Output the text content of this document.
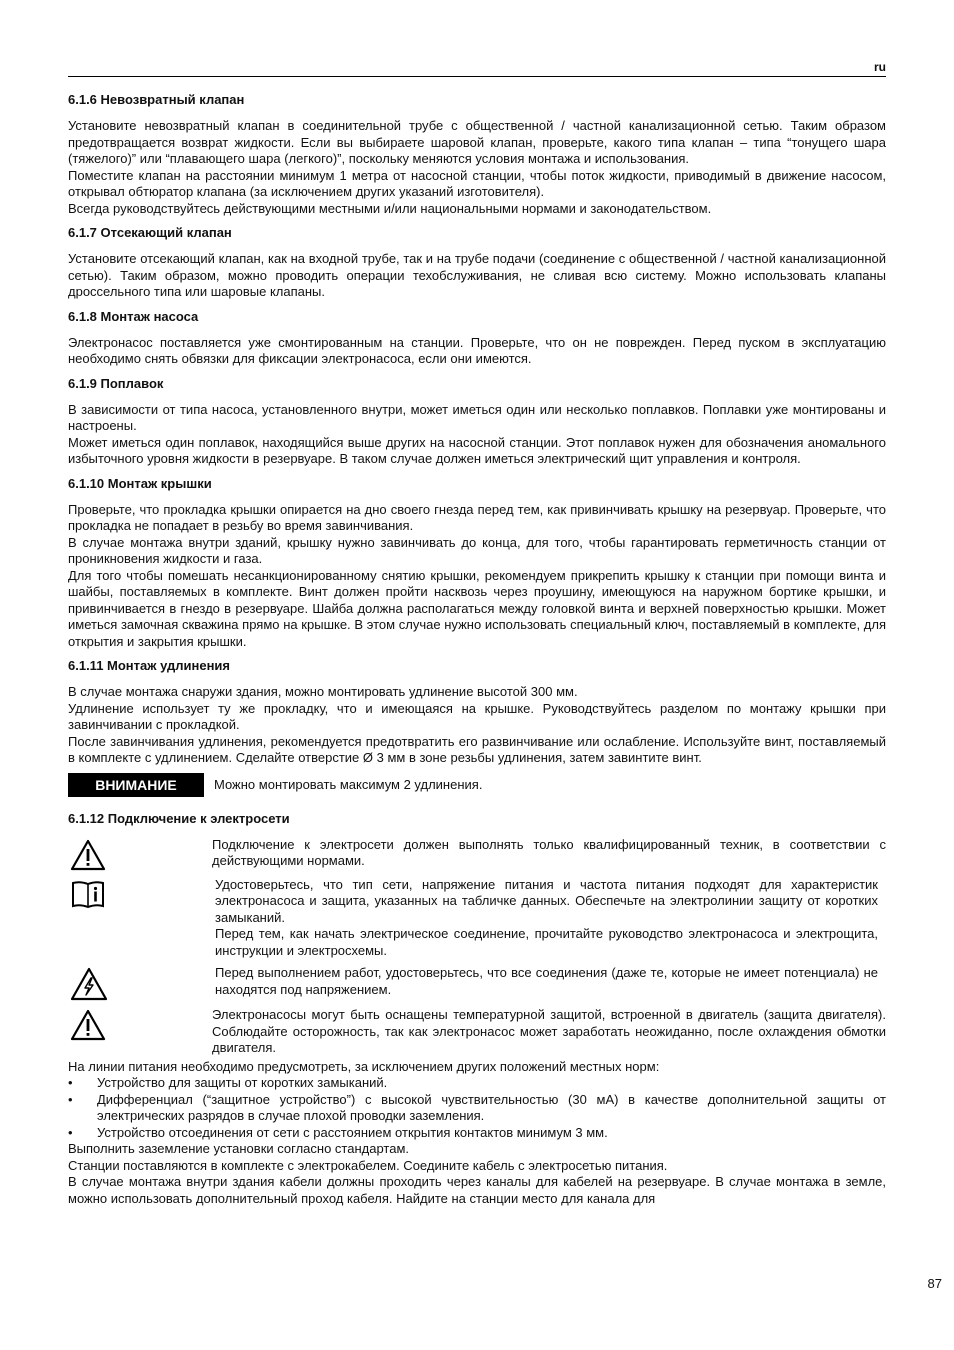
ru
6.1.6 Невозвратный клапан

Установите невозвратный клапан в соединительной трубе с общественной / частной канализационной сетью. Таким образом предотвращается возврат жидкости. Если вы выбираете шаровой клапан, проверьте, какого типа клапан – типа “тонущего шара (тяжелого)” или “плавающего шара (легкого)”, поскольку меняются условия монтажа и использования.

Поместите клапан на расстоянии минимум 1 метра от насосной станции, чтобы поток жидкости, приводимый в движение насосом, открывал обтюратор клапана (за исключением других указаний изготовителя).

Всегда руководствуйтесь действующими местными и/или национальными нормами и законодательством.

6.1.7 Отсекающий клапан

Установите отсекающий клапан, как на входной трубе, так и на трубе подачи (соединение с общественной / частной канализационной сетью). Таким образом, можно проводить операции техобслуживания, не сливая всю систему. Можно использовать клапаны дроссельного типа или шаровые клапаны.

6.1.8 Монтаж насоса

Электронасос поставляется уже смонтированным на станции. Проверьте, что он не поврежден. Перед пуском в эксплуатацию необходимо снять обвязки для фиксации электронасоса, если они имеются.

6.1.9 Поплавок

В зависимости от типа насоса, установленного внутри, может иметься один или несколько поплавков. Поплавки уже монтированы и настроены.

Может иметься один поплавок, находящийся выше других на насосной станции. Этот поплавок нужен для обозначения аномального избыточного уровня жидкости в резервуаре. В таком случае должен иметься электрический щит управления и контроля.

6.1.10 Монтаж крышки

Проверьте, что прокладка крышки опирается на дно своего гнезда перед тем, как привинчивать крышку на резервуар. Проверьте, что прокладка не попадает в резьбу во время завинчивания.

В случае монтажа внутри зданий, крышку нужно завинчивать до конца, для того, чтобы гарантировать герметичность станции от проникновения жидкости и газа.

Для того чтобы помешать несанкционированному снятию крышки, рекомендуем прикрепить крышку к станции при помощи винта и шайбы, поставляемых в комплекте. Винт должен пройти насквозь через проушину, имеющуюся на наружном бортике крышки, и привинчивается в гнездо в резервуаре. Шайба должна располагаться между головкой винта и верхней поверхностью крышки. Может иметься замочная скважина прямо на крышке. В этом случае нужно использовать специальный ключ, поставляемый в комплекте, для открытия и закрытия крышки.

6.1.11 Монтаж удлинения

В случае монтажа снаружи здания, можно монтировать удлинение высотой 300 мм.

Удлинение использует ту же прокладку, что и имеющаяся на крышке. Руководствуйтесь разделом по монтажу крышки при завинчивании с прокладкой.

После завинчивания удлинения, рекомендуется предотвратить его развинчивание или ослабление. Используйте винт, поставляемый в комплекте с удлинением. Сделайте отверстие Ø 3 мм в зоне резьбы удлинения, затем завинтите винт.

ВНИМАНИЕ	Можно монтировать максимум 2 удлинения.
6.1.12 Подключение к электросети

Подключение к электросети должен выполнять только квалифицированный техник, в соответствии с действующими нормами.

Удостоверьтесь, что тип сети, напряжение питания и частота питания подходят для характеристик электронасоса и защита, указанных на табличке данных. Обеспечьте на электролинии защиту от коротких замыканий.

Перед тем, как начать электрическое соединение, прочитайте руководство электронасоса и электрощита, инструкции и электросхемы.

Перед выполнением работ, удостоверьтесь, что все соединения (даже те, которые не имеет потенциала) не находятся под напряжением.

Электронасосы могут быть оснащены температурной защитой, встроенной в двигатель (защита двигателя). Соблюдайте осторожность, так как электронасос может заработать неожиданно, после охлаждения обмотки двигателя.

На линии питания необходимо предусмотреть, за исключением других положений местных норм:

• Устройство для защиты от коротких замыканий.
• Дифференциал (“защитное устройство”) с высокой чувствительностью (30 мА) в качестве дополнительной защиты от электрических разрядов в случае плохой проводки заземления.
• Устройство отсоединения от сети с расстоянием открытия контактов минимум 3 мм.

Выполнить заземление установки согласно стандартам.

Станции поставляются в комплекте с электрокабелем. Соедините кабель с электросетью питания.

В случае монтажа внутри здания кабели должны проходить через каналы для кабелей на резервуаре. В случае монтажа в земле, можно использовать дополнительный проход кабеля. Найдите на станции место для канала для

87
